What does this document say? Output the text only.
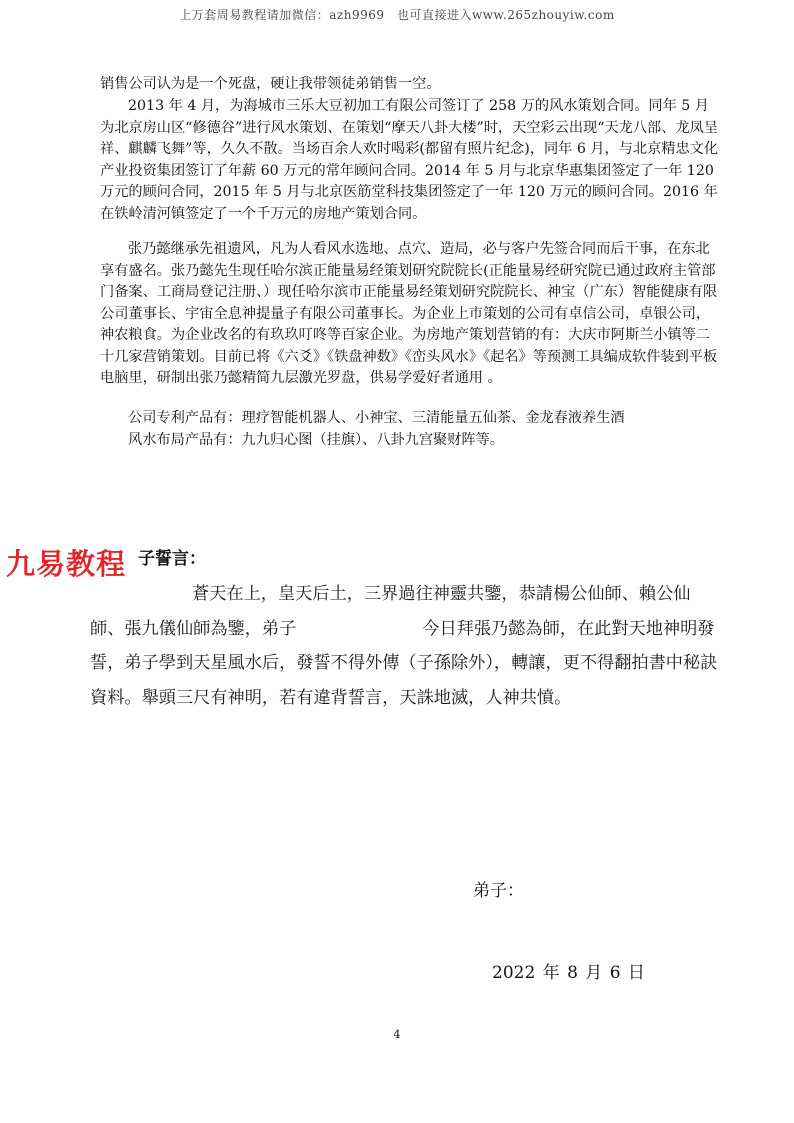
上万套周易教程请加微信：azh9969　也可直接进入www.265zhouyiw.com

销售公司认为是一个死盘，硬让我带领徒弟销售一空。

2013 年 4 月，为海城市三乐大豆初加工有限公司签订了 258 万的风水策划合同。同年 5 月为北京房山区“修德谷”进行风水策划、在策划“摩天八卦大楼”时，天空彩云出现“天龙八部、龙凤呈祥、麒麟飞舞”等，久久不散。当场百余人欢时喝彩(都留有照片纪念)，同年 6 月，与北京精忠文化产业投资集团签订了年薪 60 万元的常年顾问合同。2014 年 5 月与北京华惠集团签定了一年 120 万元的顾问合同，2015 年 5 月与北京医筋堂科技集团签定了一年 120 万元的顾问合同。2016 年在铁岭清河镇签定了一个千万元的房地产策划合同。

张乃懿继承先祖遗风，凡为人看风水选地、点穴、造局，必与客户先签合同而后干事，在东北享有盛名。张乃懿先生现任哈尔滨正能量易经策划研究院院长(正能量易经研究院已通过政府主管部门备案、工商局登记注册、）现任哈尔滨市正能量易经策划研究院院长、神宝（广东）智能健康有限公司董事长、宇宙全息神提量子有限公司董事长。为企业上市策划的公司有卓信公司，卓银公司，神农粮食。为企业改名的有玖玖叮咚等百家企业。为房地产策划营销的有：大庆市阿斯兰小镇等二十几家营销策划。目前已将《六爻》《铁盘神数》《峦头风水》《起名》等预测工具编成软件装到平板电脑里，研制出张乃懿精简九层激光罗盘，供易学爱好者通用 。

公司专利产品有：理疗智能机器人、小神宝、三清能量五仙茶、金龙春液养生酒

风水布局产品有：九九归心图（挂旗）、八卦九宫聚财阵等。

九易教程 子誓言：

蒼天在上，皇天后土，三界過往神靈共鑒，恭請楊公仙師、賴公仙師、張九儀仙師為鑒，弟子	今日拜張乃懿為師，在此對天地神明發誓，弟子學到天星風水后，發誓不得外傳（子孫除外），轉讓，更不得翻拍書中秘訣資料。舉頭三尺有神明，若有違背誓言，天誅地滅，人神共憤。

弟子：
2022 年 8 月 6 日
4
